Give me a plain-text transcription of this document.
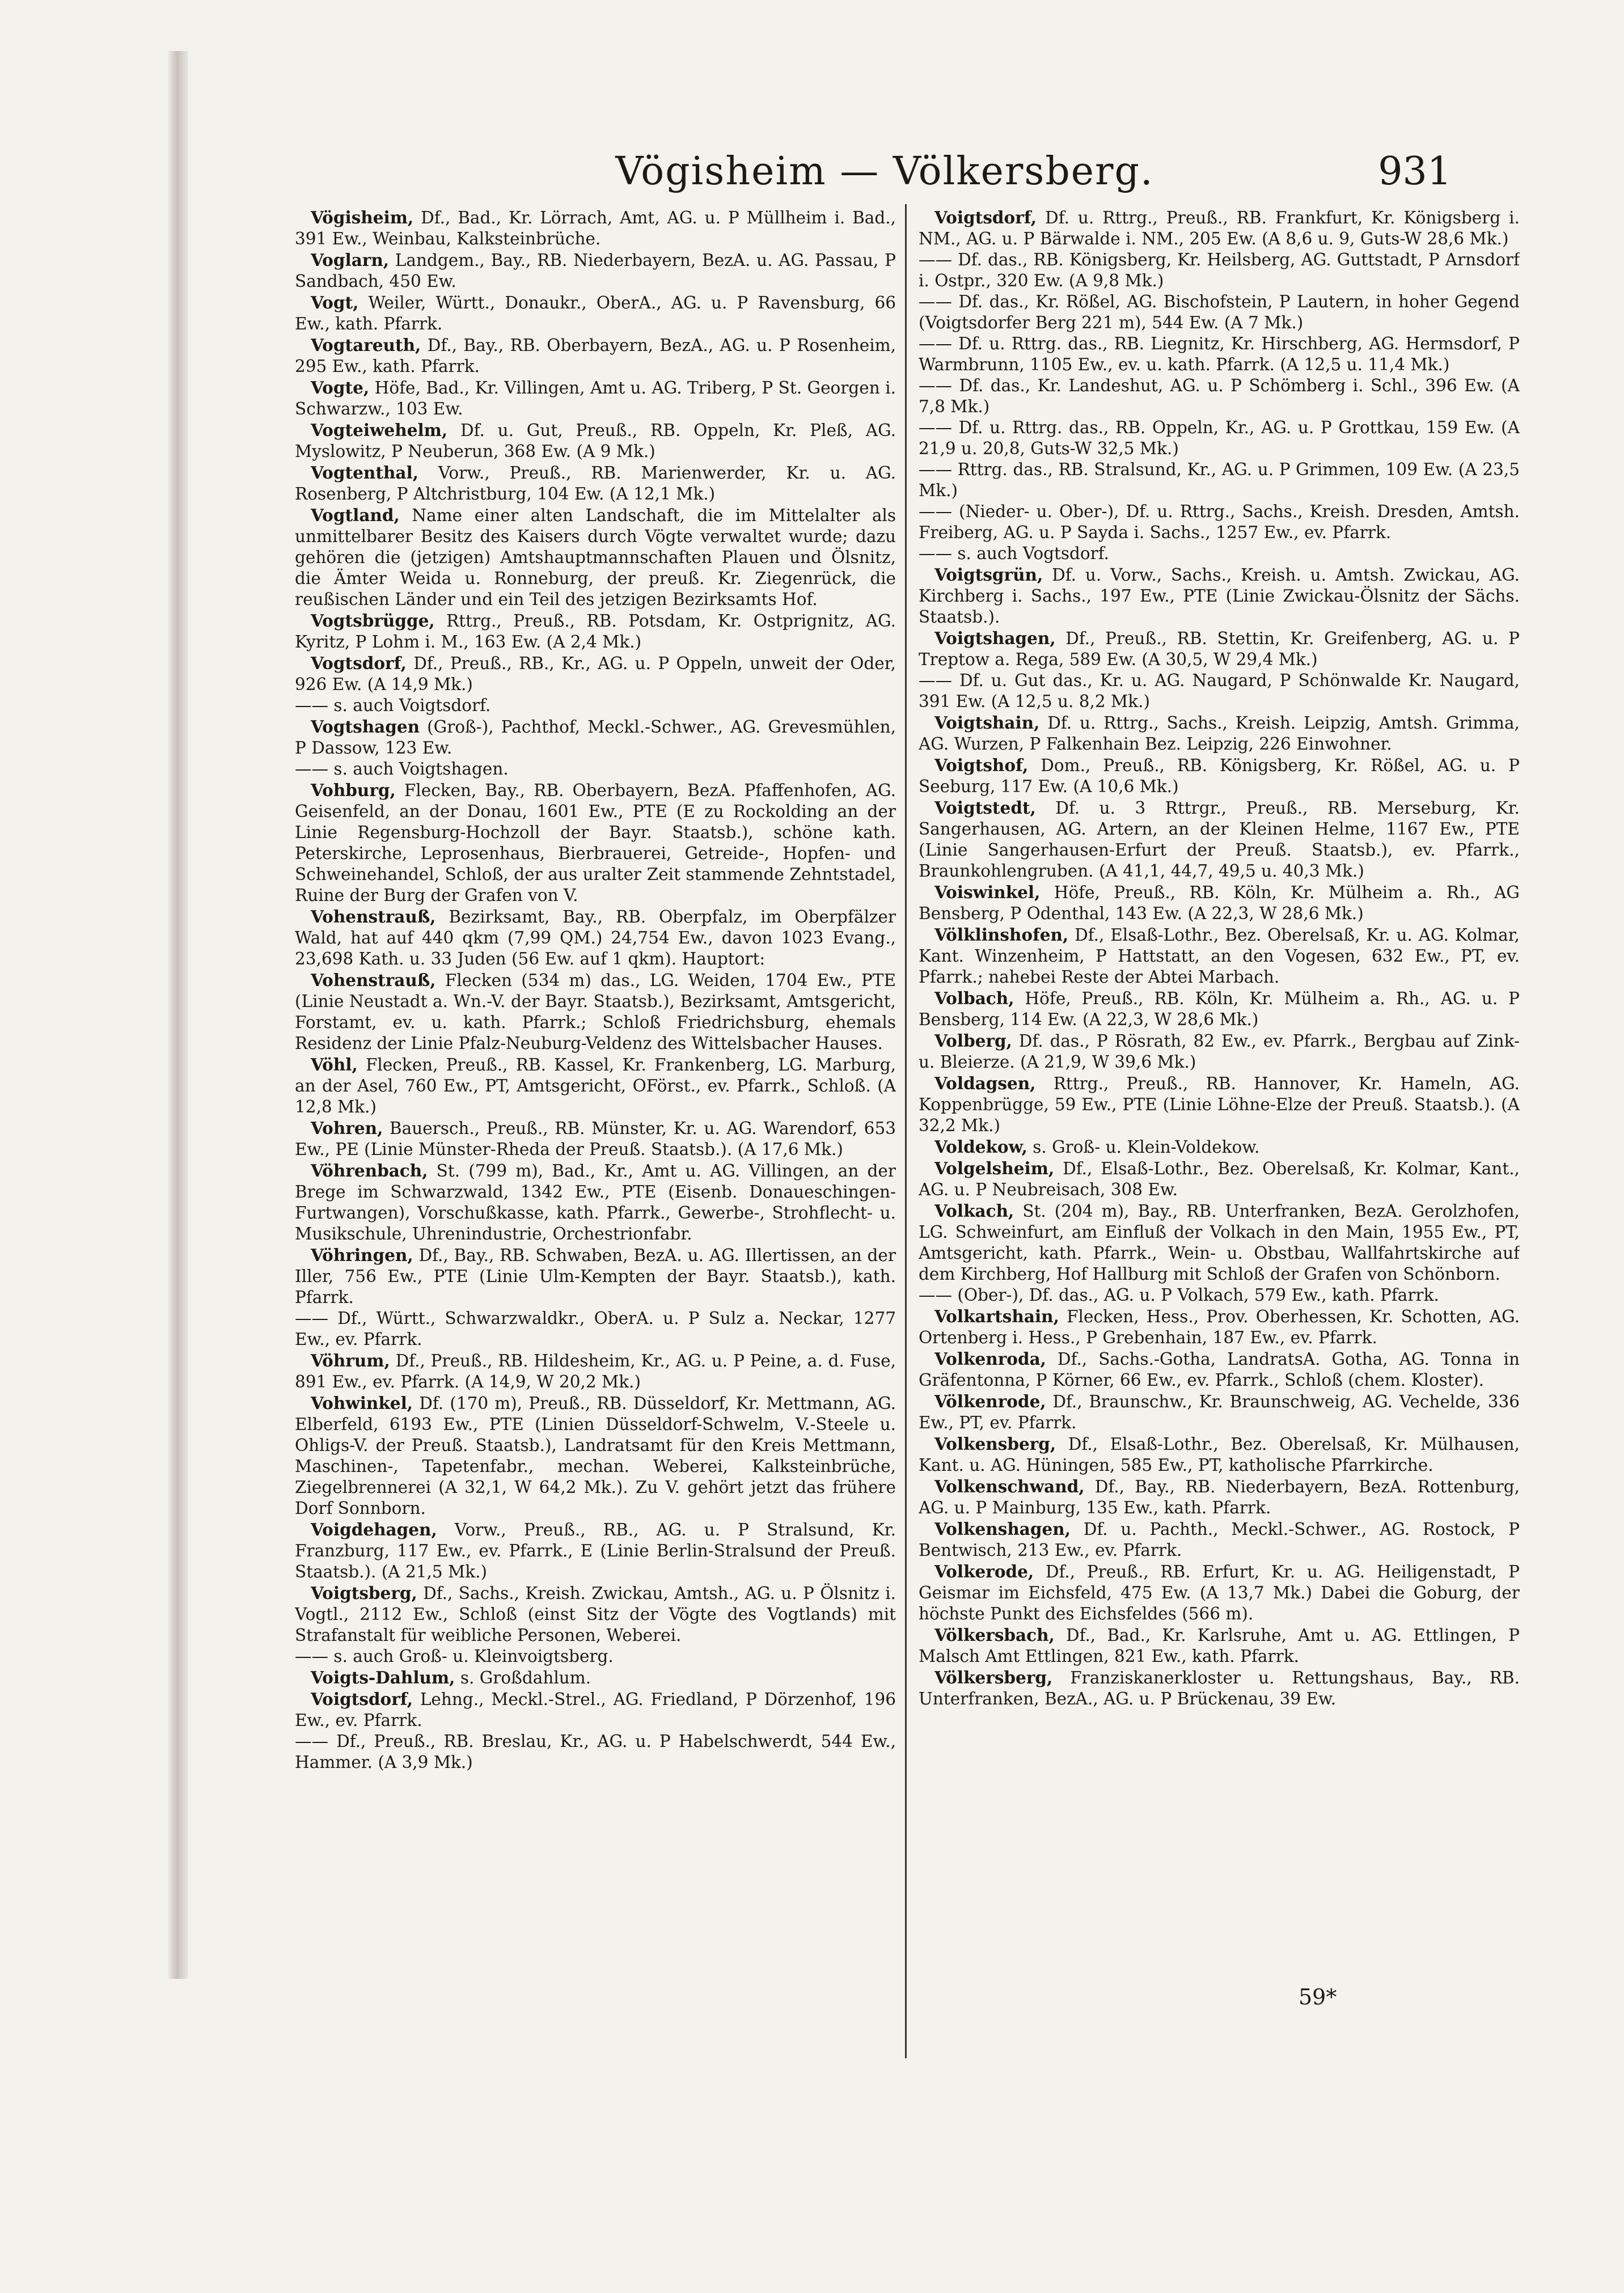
Vögisheim — Völkersberg.	931

Vögisheim, Df., Bad., Kr. Lörrach, Amt, AG. u. P Müllheim i. Bad., 391 Ew., Weinbau, Kalksteinbrüche.

Voglarn, Landgem., Bay., RB. Niederbayern, BezA. u. AG. Passau, P Sandbach, 450 Ew.

Vogt, Weiler, Württ., Donaukr., OberA., AG. u. P Ravensburg, 66 Ew., kath. Pfarrk.

Vogtareuth, Df., Bay., RB. Oberbayern, BezA., AG. u. P Rosenheim, 295 Ew., kath. Pfarrk.

Vogte, Höfe, Bad., Kr. Villingen, Amt u. AG. Triberg, P St. Georgen i. Schwarzw., 103 Ew.

Vogteiwehelm, Df. u. Gut, Preuß., RB. Oppeln, Kr. Pleß, AG. Myslowitz, P Neuberun, 368 Ew. (A 9 Mk.)

Vogtenthal, Vorw., Preuß., RB. Marienwerder, Kr. u. AG. Rosenberg, P Altchristburg, 104 Ew. (A 12,1 Mk.)

Vogtland, Name einer alten Landschaft, die im Mittelalter als unmittelbarer Besitz des Kaisers durch Vögte verwaltet wurde; dazu gehören die (jetzigen) Amtshauptmannschaften Plauen und Ölsnitz, die Ämter Weida u. Ronneburg, der preuß. Kr. Ziegenrück, die reußischen Länder und ein Teil des jetzigen Bezirksamts Hof.

Vogtsbrügge, Rttrg., Preuß., RB. Potsdam, Kr. Ostprignitz, AG. Kyritz, P Lohm i. M., 163 Ew. (A 2,4 Mk.)

Vogtsdorf, Df., Preuß., RB., Kr., AG. u. P Oppeln, unweit der Oder, 926 Ew. (A 14,9 Mk.)

—— s. auch Voigtsdorf.

Vogtshagen (Groß-), Pachthof, Meckl.-Schwer., AG. Grevesmühlen, P Dassow, 123 Ew.

—— s. auch Voigtshagen.

Vohburg, Flecken, Bay., RB. Oberbayern, BezA. Pfaffenhofen, AG. Geisenfeld, an der Donau, 1601 Ew., PTE (E zu Rockolding an der Linie Regensburg-Hochzoll der Bayr. Staatsb.), schöne kath. Peterskirche, Leprosenhaus, Bierbrauerei, Getreide-, Hopfen- und Schweinehandel, Schloß, der aus uralter Zeit stammende Zehntstadel, Ruine der Burg der Grafen von V.

Vohenstrauß, Bezirksamt, Bay., RB. Oberpfalz, im Oberpfälzer Wald, hat auf 440 qkm (7,99 QM.) 24,754 Ew., davon 1023 Evang., 23,698 Kath. u. 33 Juden (56 Ew. auf 1 qkm). Hauptort:

Vohenstrauß, Flecken (534 m) das., LG. Weiden, 1704 Ew., PTE (Linie Neustadt a. Wn.-V. der Bayr. Staatsb.), Bezirksamt, Amtsgericht, Forstamt, ev. u. kath. Pfarrk.; Schloß Friedrichsburg, ehemals Residenz der Linie Pfalz-Neuburg-Veldenz des Wittelsbacher Hauses.

Vöhl, Flecken, Preuß., RB. Kassel, Kr. Frankenberg, LG. Marburg, an der Asel, 760 Ew., PT, Amtsgericht, OFörst., ev. Pfarrk., Schloß. (A 12,8 Mk.)

Vohren, Bauersch., Preuß., RB. Münster, Kr. u. AG. Warendorf, 653 Ew., PE (Linie Münster-Rheda der Preuß. Staatsb.). (A 17,6 Mk.)

Vöhrenbach, St. (799 m), Bad., Kr., Amt u. AG. Villingen, an der Brege im Schwarzwald, 1342 Ew., PTE (Eisenb. Donaueschingen-Furtwangen), Vorschußkasse, kath. Pfarrk., Gewerbe-, Strohflecht- u. Musikschule, Uhrenindustrie, Orchestrionfabr.

Vöhringen, Df., Bay., RB. Schwaben, BezA. u. AG. Illertissen, an der Iller, 756 Ew., PTE (Linie Ulm-Kempten der Bayr. Staatsb.), kath. Pfarrk.

—— Df., Württ., Schwarzwaldkr., OberA. u. P Sulz a. Neckar, 1277 Ew., ev. Pfarrk.

Vöhrum, Df., Preuß., RB. Hildesheim, Kr., AG. u. P Peine, a. d. Fuse, 891 Ew., ev. Pfarrk. (A 14,9, W 20,2 Mk.)

Vohwinkel, Df. (170 m), Preuß., RB. Düsseldorf, Kr. Mettmann, AG. Elberfeld, 6193 Ew., PTE (Linien Düsseldorf-Schwelm, V.-Steele u. Ohligs-V. der Preuß. Staatsb.), Landratsamt für den Kreis Mettmann, Maschinen-, Tapetenfabr., mechan. Weberei, Kalksteinbrüche, Ziegelbrennerei (A 32,1, W 64,2 Mk.). Zu V. gehört jetzt das frühere Dorf Sonnborn.

Voigdehagen, Vorw., Preuß., RB., AG. u. P Stralsund, Kr. Franzburg, 117 Ew., ev. Pfarrk., E (Linie Berlin-Stralsund der Preuß. Staatsb.). (A 21,5 Mk.)

Voigtsberg, Df., Sachs., Kreish. Zwickau, Amtsh., AG. u. P Ölsnitz i. Vogtl., 2112 Ew., Schloß (einst Sitz der Vögte des Vogtlands) mit Strafanstalt für weibliche Personen, Weberei.

—— s. auch Groß- u. Kleinvoigtsberg.

Voigts-Dahlum, s. Großdahlum.

Voigtsdorf, Lehng., Meckl.-Strel., AG. Friedland, P Dörzenhof, 196 Ew., ev. Pfarrk.

—— Df., Preuß., RB. Breslau, Kr., AG. u. P Habelschwerdt, 544 Ew., Hammer. (A 3,9 Mk.)

Voigtsdorf, Df. u. Rttrg., Preuß., RB. Frankfurt, Kr. Königsberg i. NM., AG. u. P Bärwalde i. NM., 205 Ew. (A 8,6 u. 9, Guts-W 28,6 Mk.)

—— Df. das., RB. Königsberg, Kr. Heilsberg, AG. Guttstadt, P Arnsdorf i. Ostpr., 320 Ew. (A 9,8 Mk.)

—— Df. das., Kr. Rößel, AG. Bischofstein, P Lautern, in hoher Gegend (Voigtsdorfer Berg 221 m), 544 Ew. (A 7 Mk.)

—— Df. u. Rttrg. das., RB. Liegnitz, Kr. Hirschberg, AG. Hermsdorf, P Warmbrunn, 1105 Ew., ev. u. kath. Pfarrk. (A 12,5 u. 11,4 Mk.)

—— Df. das., Kr. Landeshut, AG. u. P Schömberg i. Schl., 396 Ew. (A 7,8 Mk.)

—— Df. u. Rttrg. das., RB. Oppeln, Kr., AG. u. P Grottkau, 159 Ew. (A 21,9 u. 20,8, Guts-W 32,5 Mk.)

—— Rttrg. das., RB. Stralsund, Kr., AG. u. P Grimmen, 109 Ew. (A 23,5 Mk.)

—— (Nieder- u. Ober-), Df. u. Rttrg., Sachs., Kreish. Dresden, Amtsh. Freiberg, AG. u. P Sayda i. Sachs., 1257 Ew., ev. Pfarrk.

—— s. auch Vogtsdorf.

Voigtsgrün, Df. u. Vorw., Sachs., Kreish. u. Amtsh. Zwickau, AG. Kirchberg i. Sachs., 197 Ew., PTE (Linie Zwickau-Ölsnitz der Sächs. Staatsb.).

Voigtshagen, Df., Preuß., RB. Stettin, Kr. Greifenberg, AG. u. P Treptow a. Rega, 589 Ew. (A 30,5, W 29,4 Mk.)

—— Df. u. Gut das., Kr. u. AG. Naugard, P Schönwalde Kr. Naugard, 391 Ew. (A 12,5 u. 8,2 Mk.)

Voigtshain, Df. u. Rttrg., Sachs., Kreish. Leipzig, Amtsh. Grimma, AG. Wurzen, P Falkenhain Bez. Leipzig, 226 Einwohner.

Voigtshof, Dom., Preuß., RB. Königsberg, Kr. Rößel, AG. u. P Seeburg, 117 Ew. (A 10,6 Mk.)

Voigtstedt, Df. u. 3 Rttrgr., Preuß., RB. Merseburg, Kr. Sangerhausen, AG. Artern, an der Kleinen Helme, 1167 Ew., PTE (Linie Sangerhausen-Erfurt der Preuß. Staatsb.), ev. Pfarrk., Braunkohlengruben. (A 41,1, 44,7, 49,5 u. 40,3 Mk.)

Voiswinkel, Höfe, Preuß., RB. Köln, Kr. Mülheim a. Rh., AG Bensberg, P Odenthal, 143 Ew. (A 22,3, W 28,6 Mk.)

Völklinshofen, Df., Elsaß-Lothr., Bez. Oberelsaß, Kr. u. AG. Kolmar, Kant. Winzenheim, P Hattstatt, an den Vogesen, 632 Ew., PT, ev. Pfarrk.; nahebei Reste der Abtei Marbach.

Volbach, Höfe, Preuß., RB. Köln, Kr. Mülheim a. Rh., AG. u. P Bensberg, 114 Ew. (A 22,3, W 28,6 Mk.)

Volberg, Df. das., P Rösrath, 82 Ew., ev. Pfarrk., Bergbau auf Zink- u. Bleierze. (A 21,9, W 39,6 Mk.)

Voldagsen, Rttrg., Preuß., RB. Hannover, Kr. Hameln, AG. Koppenbrügge, 59 Ew., PTE (Linie Löhne-Elze der Preuß. Staatsb.). (A 32,2 Mk.)

Voldekow, s. Groß- u. Klein-Voldekow.

Volgelsheim, Df., Elsaß-Lothr., Bez. Oberelsaß, Kr. Kolmar, Kant., AG. u. P Neubreisach, 308 Ew.

Volkach, St. (204 m), Bay., RB. Unterfranken, BezA. Gerolzhofen, LG. Schweinfurt, am Einfluß der Volkach in den Main, 1955 Ew., PT, Amtsgericht, kath. Pfarrk., Wein- u. Obstbau, Wallfahrtskirche auf dem Kirchberg, Hof Hallburg mit Schloß der Grafen von Schönborn.

—— (Ober-), Df. das., AG. u. P Volkach, 579 Ew., kath. Pfarrk.

Volkartshain, Flecken, Hess., Prov. Oberhessen, Kr. Schotten, AG. Ortenberg i. Hess., P Grebenhain, 187 Ew., ev. Pfarrk.

Volkenroda, Df., Sachs.-Gotha, LandratsA. Gotha, AG. Tonna in Gräfentonna, P Körner, 66 Ew., ev. Pfarrk., Schloß (chem. Kloster).

Völkenrode, Df., Braunschw., Kr. Braunschweig, AG. Vechelde, 336 Ew., PT, ev. Pfarrk.

Volkensberg, Df., Elsaß-Lothr., Bez. Oberelsaß, Kr. Mülhausen, Kant. u. AG. Hüningen, 585 Ew., PT, katholische Pfarrkirche.

Volkenschwand, Df., Bay., RB. Niederbayern, BezA. Rottenburg, AG. u. P Mainburg, 135 Ew., kath. Pfarrk.

Volkenshagen, Df. u. Pachth., Meckl.-Schwer., AG. Rostock, P Bentwisch, 213 Ew., ev. Pfarrk.

Volkerode, Df., Preuß., RB. Erfurt, Kr. u. AG. Heiligenstadt, P Geismar im Eichsfeld, 475 Ew. (A 13,7 Mk.) Dabei die Goburg, der höchste Punkt des Eichsfeldes (566 m).

Völkersbach, Df., Bad., Kr. Karlsruhe, Amt u. AG. Ettlingen, P Malsch Amt Ettlingen, 821 Ew., kath. Pfarrk.

Völkersberg, Franziskanerkloster u. Rettungshaus, Bay., RB. Unterfranken, BezA., AG. u. P Brückenau, 39 Ew.

59*
